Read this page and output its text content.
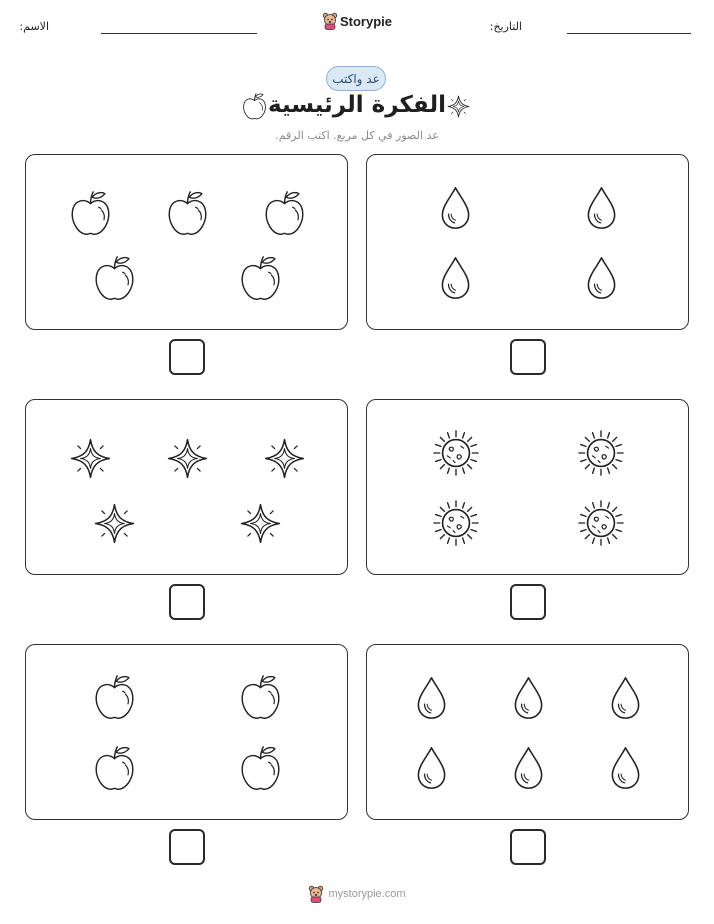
الاسم:	التاريخ:
Storypie
عد واكتب
الفكرة الرئيسية
عد الصور في كل مربع. اكتب الرقم.
mystorypie.com
